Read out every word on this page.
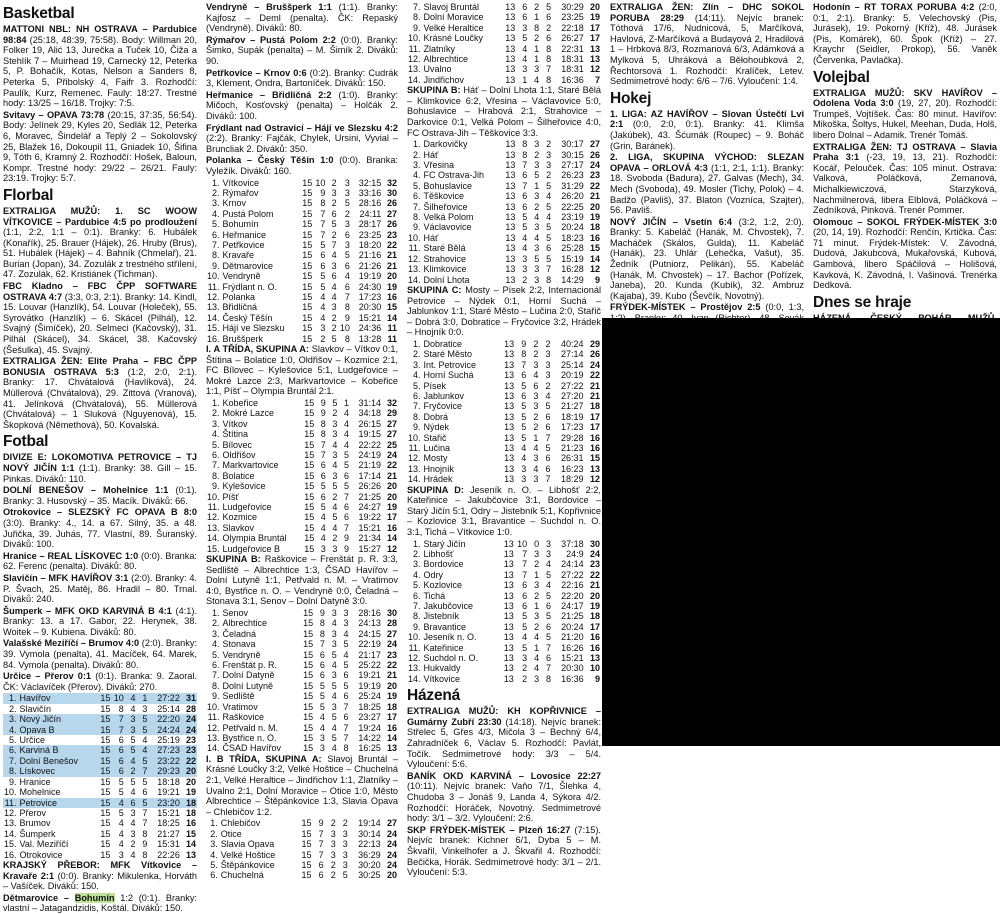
Basketbal

MATTONI NBL: NH OSTRAVA – Pardubice 98:84 (25:18, 48:39, 75:58). Body: Willman 20, Folker 19, Alić 13, Jurečka a Tuček 10, Čiža a Stehlík 7 – Muirhead 19, Carnecký 12, Peterka 5, P. Bohačík, Kotas, Nelson a Sanders 8, Peterka 5, Přibolský 4, Faifr 3. Rozhodčí: Paulík, Kurz, Remenec. Fauly: 18:27. Trestné hody: 13/25 – 16/18. Trojky: 7:5.

Svitavy – OPAVA 73:78 (20:15, 37:35, 56:54). Body: Jelínek 29, Kyles 20, Sedlák 12, Peterka 6, Moravec, Šindelář a Teplý 2 – Sokolovský 25, Blažek 16, Dokoupil 11, Gniadek 10, Šifina 9, Tóth 6, Kramný 2. Rozhodčí: Hošek, Baloun, Kompr. Trestné hody: 29/22 – 26/21. Fauly: 23:19. Trojky: 5:7.

Florbal

EXTRALIGA MUŽŮ: 1. SC WOOW VÍTKOVICE – Pardubice 4:5 po prodloužení (1:1, 2:2, 1:1 – 0:1). Branky: 6. Hubálek (Konařík), 25. Brauer (Hájek), 26. Hruby (Brus), 51. Hubálek (Hájek) – 4. Bahník (Chmelař), 21. Burian (Jopan), 34. Zozulák z trestného střílení, 47. Zozulák, 62. Kristiánek (Tichman).

FBC Kladno – FBC ČPP SOFTWARE OSTRAVA 4:7 (3:3, 0:3, 2:1). Branky: 14. Kindl, 15. Louvar (Hanzlík), 54. Louvar (Holeček), 55. Syrovátko (Hanzlík) – 6. Skácel (Pilhál), 12. Svajný (Šimíček), 20. Selmeci (Kačovský), 31. Pilhál (Skácel), 34. Skácel, 38. Kačovský (Šešulka), 45. Svajný.

EXTRALIGA ŽEN: Elite Praha – FBC ČPP BONUSIA OSTRAVA 5:3 (1:2, 2:0, 2:1). Branky: 17. Chvátalová (Havlíková), 24. Müllerová (Chvátalová), 29. Zittová (Vranová), 41. Jelínková (Chvátalová), 55. Müllerová (Chvátalová) – 1 Sluková (Nguyenová), 15. Škopková (Němethová), 50. Kovalská.

Fotbal

DIVIZE E: LOKOMOTIVA PETROVICE – TJ NOVÝ JIČÍN 1:1 (1:1). Branky: 38. Gill – 15. Pinkas. Diváků: 110.

DOLNÍ BENEŠOV – Mohelnice 1:1 (0:1). Branky: 3. Husovský – 35. Macík. Diváků: 66.

Otrokovice – SLEZSKÝ FC OPAVA B 8:0 (3:0). Branky: 4., 14. a 67. Silný, 35. a 48. Juřička, 39. Juhás, 77. Vlastní, 89. Šuranský. Diváků: 100.

Hranice – REAL LÍSKOVEC 1:0 (0:0). Branka: 62. Ferenc (penalta). Diváků: 80.

Slavičín – MFK HAVÍŘOV 3:1 (2:0). Branky: 4. P. Švach, 25. Matěj, 86. Hradil – 80. Trnal. Diváků: 240.

Šumperk – MFK OKD KARVINÁ B 4:1 (4:1). Branky: 13. a 17. Gabor, 22. Herynek, 38. Woitek – 9. Kubiena. Diváků: 80.

Valašské Meziříčí – Brumov 4:0 (2:0). Branky: 39. Vymola (penalta), 41. Macíček, 64. Marek, 84. Vymola (penalta). Diváků: 80.

Určice – Přerov 0:1 (0:1). Branka: 9. Zaoral. ČK: Václavíček (Přerov). Diváků: 270.

1.	Havířov	15	10	4	1	27:22	31
2.	Slavičín	15	8	4	3	25:14	28
3.	Nový Jičín	15	7	3	5	22:20	24
4.	Opava B	15	7	3	5	24:24	24
5.	Určice	15	6	5	4	25:19	23
6.	Karviná B	15	6	5	4	27:23	23
7.	Dolní Benešov	15	6	4	5	23:22	22
8.	Lískovec	15	6	2	7	29:23	20
9.	Hranice	15	5	5	5	18:18	20
10.	Mohelnice	15	5	4	6	19:21	19
11.	Petrovice	15	4	6	5	23:20	18
12.	Přerov	15	5	3	7	15:21	18
13.	Brumov	15	4	4	7	18:25	16
14.	Šumperk	15	4	3	8	21:27	15
15.	Val. Meziříčí	15	4	2	9	15:31	14
16.	Otrokovice	15	3	4	8	22:26	13

KRAJSKÝ PŘEBOR: MFK Vítkovice – Kravaře 2:1 (0:0). Branky: Mikulenka, Horváth – Vašíček. Diváků: 150.

Dětmarovice – Bohumín 1:2 (0:1). Branky: vlastní – Jatagandzidis, Koštál. Diváků: 150.

Vendryně – Bruššperk 1:1 (1:1). Branky: Kajfosz – Deml (penalta). ČK: Repaský (Vendryně). Diváků: 80.

Rýmařov – Pustá Polom 2:2 (0:0). Branky: Šimko, Supák (penalta) – M. Šimík 2. Diváků: 90.

Petřkovice – Krnov 0:6 (0:2). Branky: Cudrák 3, Klement, Ondra, Bartoníček. Diváků: 150.

Heřmanice – Břidličná 2:2 (1:0). Branky: Mičoch, Kosťovský (penalta) – Holčák 2. Diváků: 100.

Frýdlant nad Ostravicí – Hájí ve Slezsku 4:2 (2:2). Branky: Fajčák, Chylek, Ursini, Vyvial – Bruncliak 2. Diváků: 350.

Polanka – Český Těšín 1:0 (0:0). Branka: Vyležík. Diváků: 160.

1.	Vítkovice	15	10	2	3	32:15	32
2.	Rýmařov	15	9	3	3	33:16	30
3.	Krnov	15	8	2	5	28:16	26
4.	Pustá Polom	15	7	6	2	24:11	27
5.	Bohumín	15	7	5	3	28:17	26
6.	Heřmanice	15	7	2	6	23:25	23
7.	Petřkovice	15	5	7	3	18:20	22
8.	Kravaře	15	6	4	5	21:16	21
9.	Dětmarovice	15	6	3	6	21:26	21
10.	Vendryně	15	5	6	4	19:19	20
11.	Frýdlant n. O.	15	5	4	6	24:30	19
12.	Polanka	15	4	4	7	17:23	16
13.	Břidličná	15	4	3	8	20:30	15
14.	Český Těšín	15	4	2	9	15:21	14
15.	Hájí ve Slezsku	15	3	2	10	24:36	11
16.	Bruššperk	15	2	5	8	13:28	11

I. A TŘÍDA, SKUPINA A: Slavkov – Vítkov 0:1, Štítina – Bolatice 1:0, Oldřišov – Kozmice 2:1, FC Bílovec – Kylešovice 5:1, Ludgeřovice – Mokré Lazce 2:3, Markvartovice – Kobeřice 1:1, Píšť – Olympia Bruntál 2:1.

1.	Kobeřice	15	9	5	1	31:14	32
2.	Mokré Lazce	15	9	2	4	34:18	29
3.	Vítkov	15	8	3	4	26:15	27
4.	Štítina	15	8	3	4	19:15	27
5.	Bílovec	15	7	4	4	22:22	25
6.	Oldřišov	15	7	3	5	24:19	24
7.	Markvartovice	15	6	4	5	21:19	22
8.	Bolatice	15	6	3	6	17:14	21
9.	Kylešovice	15	5	5	5	26:26	20
10.	Píšť	15	6	2	7	21:25	20
11.	Ludgeřovice	15	5	4	6	24:27	19
12.	Kozmice	15	4	5	6	19:22	17
13.	Slavkov	15	4	4	7	15:21	16
14.	Olympia Bruntál	15	4	2	9	21:34	14
15.	Ludgeřovice B	15	3	3	9	15:27	12

SKUPINA B: Raškovice – Frenštát p. R. 3:3, Sedliště – Albrechtice 1:3, ČSAD Havířov – Dolní Lutyně 1:1, Petřvald n. M. – Vratimov 4:0, Bystřice n. O. – Vendryně 0:0, Čeladná – Stonava 3:1, Senov – Dolní Datyně 3:0.

1.	Senov	15	9	3	3	28:16	30
2.	Albrechtice	15	8	4	3	24:13	28
3.	Čeladná	15	8	3	4	24:15	27
4.	Stonava	15	7	3	5	22:19	24
5.	Vendryně	15	6	5	4	21:17	23
6.	Frenštát p. R.	15	6	4	5	25:22	22
7.	Dolní Datyně	15	6	3	6	19:21	21
8.	Dolní Lutyně	15	5	5	5	19:19	20
9.	Sedliště	15	5	4	6	25:24	19
10.	Vratimov	15	5	3	7	18:25	18
11.	Raškovice	15	4	5	6	23:27	17
12.	Petřvald n. M.	15	4	4	7	19:24	16
13.	Bystřice n. O.	15	3	5	7	14:22	14
14.	ČSAD Havířov	15	3	4	8	16:25	13

I. B TŘÍDA, SKUPINA A: Slavoj Bruntál – Krásné Loučky 3:2, Velké Hoštice – Chuchelná 2:1, Velké Heraltice – Jindřichov 1:1, Zlatníky – Uvalno 2:1, Dolní Moravice – Otice 1:0, Město Albrechtice – Štěpánkovice 1:3, Slavia Opava – Chlebičov 1:2.

1.	Chlebičov	15	9	2	2	19:14	27
2.	Otice	15	7	3	3	30:14	24
3.	Slavia Opava	15	7	3	3	22:13	24
4.	Velké Hoštice	15	7	3	3	36:29	24
5.	Štěpánkovice	15	6	2	3	30:20	24
6.	Chuchelná	15	6	2	5	30:25	20
7.	Slavoj Bruntál	13	6	2	5	30:29	20
8.	Dolní Moravice	13	6	1	6	23:25	19
9.	Velké Heraltice	13	3	8	2	22:18	17
10.	Krásné Loučky	13	5	2	6	26:27	17
11.	Zlatníky	13	4	1	8	22:31	13
12.	Albrechtice	13	4	1	8	18:31	13
13.	Uvalno	13	3	3	7	18:31	12
14.	Jindřichov	13	1	4	8	16:36	7

SKUPINA B: Háť – Dolní Lhota 1:1, Staré Bělá – Klimkovice 6:2, Vřesina – Václavovice 5:0, Bohuslavice – Hrabová 2:1, Strahovice – Darkovice 0:1, Velká Polom – Šilheřovice 4:0, FC Ostrava-Jih – Těškovice 3:3.

1.	Darkovičky	13	8	3	2	30:17	27
2.	Háť	13	8	2	3	30:15	26
3.	Vřesina	13	7	3	3	27:17	24
4.	FC Ostrava-Jih	13	6	5	2	26:23	23
5.	Bohuslavice	13	7	1	5	31:29	22
6.	Těškovice	13	6	3	4	26:20	21
7.	Šilheřovice	13	6	2	5	22:25	20
8.	Velká Polom	13	5	4	4	23:19	19
9.	Václavovice	13	5	3	5	20:24	18
10.	Háť	13	4	4	5	18:23	16
11.	Staré Bělá	13	4	3	6	25:28	15
12.	Strahovice	13	3	5	5	15:19	14
13.	Klimkovice	13	3	3	7	16:28	12
14.	Dolní Lhota	13	2	3	8	14:29	9

SKUPINA C: Mosty – Písek 2:2, Internacionál Petrovice – Nýdek 0:1, Horní Suchá – Jablunkov 1:1, Staré Město – Lučina 2:0, Stařič – Dobrá 3:0, Dobratice – Fryčovice 3:2, Hrádek – Hnojník 0:0.

1.	Dobratice	13	9	2	2	40:24	29
2.	Staré Město	13	8	2	3	27:14	26
3.	Int. Petrovice	13	7	3	3	25:14	24
4.	Horní Suchá	13	6	4	3	20:19	22
5.	Písek	13	5	6	2	27:22	21
6.	Jablunkov	13	6	3	4	27:20	21
7.	Fryčovice	13	5	3	5	21:27	18
8.	Dobrá	13	5	2	6	18:19	17
9.	Nýdek	13	5	2	6	17:23	17
10.	Stařič	13	5	1	7	29:28	16
11.	Lučina	13	4	4	5	21:23	16
12.	Mosty	13	4	3	6	26:31	15
13.	Hnojník	13	3	4	6	16:23	13
14.	Hrádek	13	3	3	7	18:29	12

SKUPINA D: Jeseník n. O. – Libhošť 2:2, Kateřinice – Jakubčovice 3:1, Bordovice – Starý Jičín 5:1, Odry – Jistebník 5:1, Kopřivnice – Kozlovice 3:1, Bravantice – Suchdol n. O. 3:1, Tichá – Vítkovice 1:0.

1.	Starý Jičín	13	10	0	3	37:18	30
2.	Libhošť	13	7	3	3	24:9	24
3.	Bordovice	13	7	2	4	24:14	23
4.	Odry	13	7	1	5	27:22	22
5.	Kozlovice	13	6	3	4	22:16	21
6.	Tichá	13	6	2	5	22:20	20
7.	Jakubčovice	13	6	1	6	24:17	19
8.	Jistebník	13	5	3	5	21:25	18
9.	Bravantice	13	5	2	6	20:24	17
10.	Jeseník n. O.	13	4	4	5	21:20	16
11.	Kateřinice	13	5	1	7	16:26	16
12.	Suchdol n. O.	13	3	4	6	15:21	13
13.	Hukvaldy	13	2	4	7	20:30	10
14.	Vítkovice	13	2	3	8	16:36	9
Házená

EXTRALIGA MUŽŮ: KH KOPŘIVNICE – Gumárny Zubří 23:30 (14:18). Nejvíc branek: Střelec 5, Gřes 4/3, Mičola 3 – Bechný 6/4, Zahradníček 6, Václav 5. Rozhodčí: Pavlát, Točík. Sedmimetrové hody: 3/3 – 5/4. Vyloučení: 5:6.

BANÍK OKD KARVINÁ – Lovosice 22:27 (10:11). Nejvíc branek: Vaňo 7/1, Šlehka 4, Chudoba 3 – Jonáš 9, Landa 4, Sýkora 4/2. Rozhodčí: Horáček, Novotný. Sedmimetrové hody: 3/1 – 3/2. Vyloučení: 2:6.

SKP FRÝDEK-MÍSTEK – Plzeň 16:27 (7:15). Nejvíc branek: Kichner 6/1, Dyba 5 – M. Škvařil, Vinkelhofer a J. Škvařil 4. Rozhodčí: Bečička, Horák. Sedmimetrové hody: 3/1 – 2/1. Vyloučení: 5:3.

EXTRALIGA ŽEN: Zlín – DHC SOKOL PORUBA 28:29 (14:11). Nejvíc branek: Tóthová 17/6, Nudnicová, 5, Marčíková, Havlová, Z-Marčíková a Budayová 2, Hradilová 1 – Hrbková 8/3, Rozmanová 6/3, Adámková a Mylková 5, Uhráková a Běłohoubková 2, Řechtorsová 1. Rozhodčí: Kralíček, Letev. Sedmimetrové hody: 6/6 – 7/6. Vyloučení: 1:4.

Hokej

1. LIGA: AZ HAVÍŘOV – Slovan Ústečtí Lvi 2:1 (0:0, 2:0, 0:1). Branky: 41. Klimša (Jakúbek), 43. Šćumák (Roupec) – 9. Boháč (Grin, Baránek).

2. LIGA, SKUPINA VÝCHOD: SLEZAN OPAVA – ORLOVÁ 4:3 (1:1, 2:1, 1:1). Branky: 18. Svoboda (Badura), 27. Galvas (Mech), 34. Mech (Svoboda), 49. Mosler (Tichy, Polok) – 4. Badžo (Pavliš), 37. Blaton (Vozníca, Szajter), 56. Pavliš.

NOVÝ JIČÍN – Vsetín 6:4 (3:2, 1:2, 2:0). Branky: 5. Kabeláč (Hanák, M. Chvostek), 7. Macháček (Skálos, Gulda), 11. Kabeláč (Hanák), 23. Uhlár (Lehečka, Vašut), 35. Žedník (Putniorz, Pelikán), 55. Kabeláč (Hanák, M. Chvostek) – 17. Bachor (Pořízek, Janeba), 20. Kunda (Kubík), 32. Ambruz (Kajaba), 39. Kubo (Ševčík, Novotný).

FRÝDEK-MÍSTEK – Prostějov 2:5 (0:0, 1:3,

Hodonín – RT TORAX PORUBA 4:2 (2:0, 0:1, 2:1). Branky: 5. Velechovský (Pis, Jurásek), 19. Pokorný (Kříž), 48. Jurásek (Pis, Komárek), 60. Špok (Kříž) – 27. Kraychr (Seidler, Prokop), 56. Vaněk (Červenka, Pavlačka).

Volejbal

EXTRALIGA MUŽŮ: SKV HAVÍŘOV – Odolena Voda 3:0 (19, 27, 20). Rozhodčí: Trumpeš, Vojtíšek. Čas: 80 minut. Havířov: Mikoška, Šoltys, Hukel, Meehan, Duda, Holš, libero Dolnal – Adamik. Trenér Tomáš.

EXTRALIGA ŽEN: TJ OSTRAVA – Slavia Praha 3:1 (-23, 19, 13, 21). Rozhodčí: Kocář, Pelouček. Čas: 105 minut. Ostrava: Valková, Poláčková, Zemanová, Michalkiewiczová, Starzyková, Nachmilnerová, libera Elblová, Poláčková – Zedníková, Pinková. Trenér Pommer.

Olomouc – SOKOL FRÝDEK-MÍSTEK 3:0 (20, 14, 19). Rozhodčí: Renčín, Krtička. Čas: 71 minut. Frýdek-Místek: V. Závodná, Dudová, Jakubcová, Mukařovská, Kubová, Gambová, libero Spáčilová – Holišová, Kavková, K. Závodná, I. Vašinová. Trenérka Dedková.

Dnes se hraje
